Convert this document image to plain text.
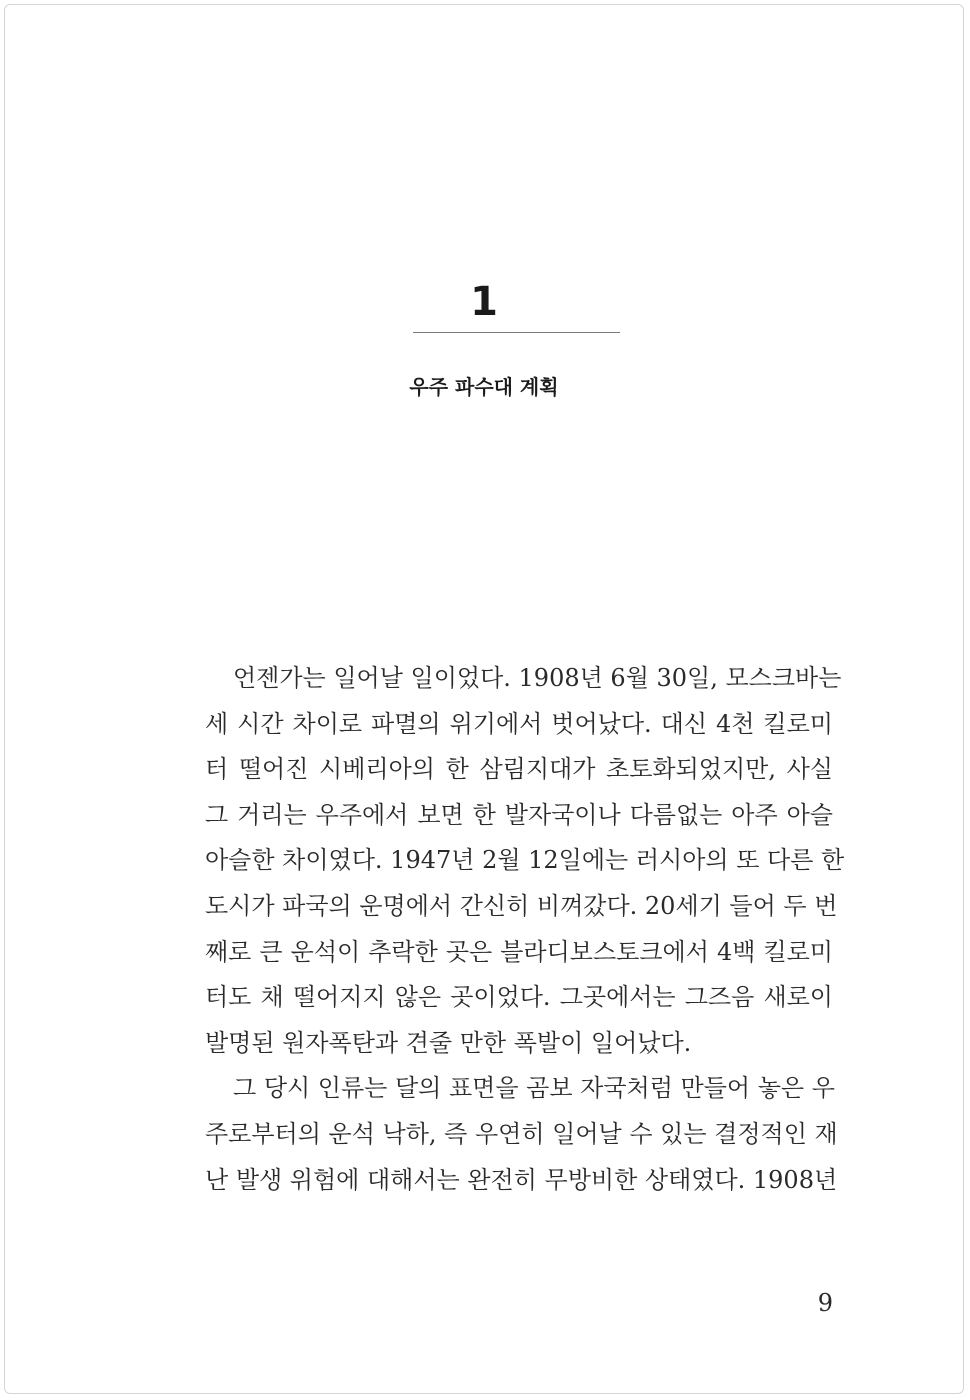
1
우주 파수대 계획
언젠가는 일어날 일이었다. 1908년 6월 30일, 모스크바는
세 시간 차이로 파멸의 위기에서 벗어났다. 대신 4천 킬로미
터 떨어진 시베리아의 한 삼림지대가 초토화되었지만, 사실
그 거리는 우주에서 보면 한 발자국이나 다름없는 아주 아슬
아슬한 차이였다. 1947년 2월 12일에는 러시아의 또 다른 한
도시가 파국의 운명에서 간신히 비껴갔다. 20세기 들어 두 번
째로 큰 운석이 추락한 곳은 블라디보스토크에서 4백 킬로미
터도 채 떨어지지 않은 곳이었다. 그곳에서는 그즈음 새로이
발명된 원자폭탄과 견줄 만한 폭발이 일어났다.
그 당시 인류는 달의 표면을 곰보 자국처럼 만들어 놓은 우
주로부터의 운석 낙하, 즉 우연히 일어날 수 있는 결정적인 재
난 발생 위험에 대해서는 완전히 무방비한 상태였다. 1908년
9
